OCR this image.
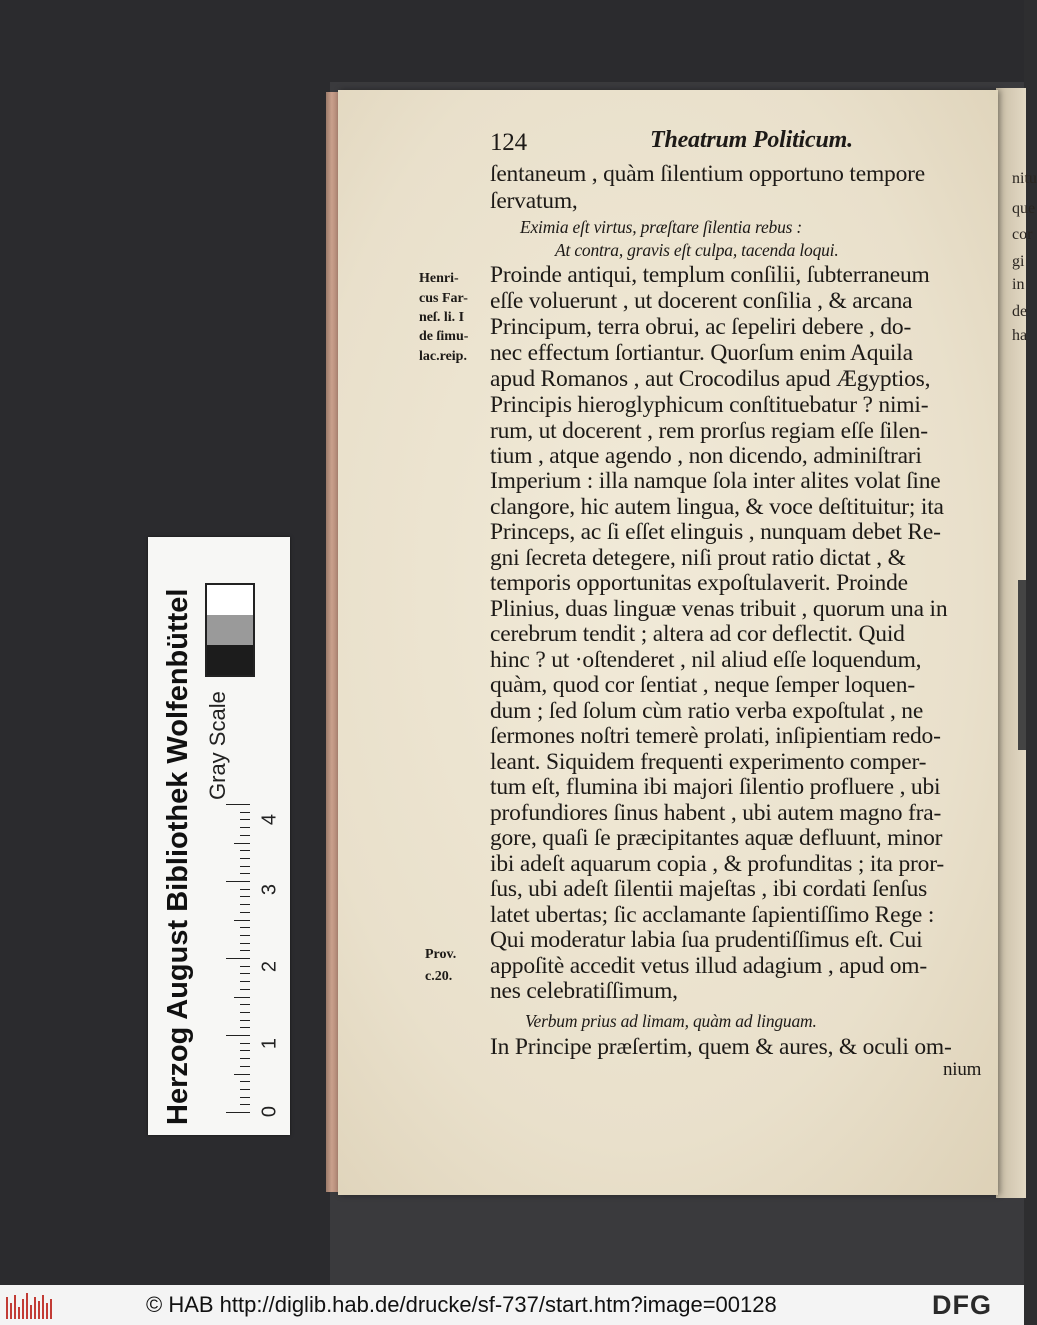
nitu
que
cor
gi
in
de
ha
124	Theatrum Politicum.
ſentaneum , quàm ſilentium opportuno tempore
ſervatum,
Eximia eſt virtus, præſtare ſilentia rebus :
At contra, gravis eſt culpa, tacenda loqui.
Proinde antiqui, templum conſilii, ſubterraneum
eſſe voluerunt , ut docerent conſilia , & arcana
Principum, terra obrui, ac ſepeliri debere , do-
nec effectum ſortiantur. Quorſum enim Aquila
apud Romanos , aut Crocodilus apud Ægyptios,
Principis hieroglyphicum conſtituebatur ? nimi-
rum, ut docerent , rem prorſus regiam eſſe ſilen-
tium , atque agendo , non dicendo, adminiſtrari
Imperium : illa namque ſola inter alites volat ſine
clangore, hic autem lingua, & voce deſtituitur; ita
Princeps, ac ſi eſſet elinguis , nunquam debet Re-
gni ſecreta detegere, niſi prout ratio dictat , &
temporis opportunitas expoſtulaverit. Proinde
Plinius, duas linguæ venas tribuit , quorum una in
cerebrum tendit ; altera ad cor deflectit. Quid
hinc ? ut ·oſtenderet , nil aliud eſſe loquendum,
quàm, quod cor ſentiat , neque ſemper loquen-
dum ; ſed ſolum cùm ratio verba expoſtulat , ne
ſermones noſtri temerè prolati, inſipientiam redo-
leant. Siquidem frequenti experimento comper-
tum eſt, flumina ibi majori ſilentio profluere , ubi
profundiores ſinus habent , ubi autem magno fra-
gore, quaſi ſe præcipitantes aquæ defluunt, minor
ibi adeſt aquarum copia , & profunditas ; ita pror-
ſus, ubi adeſt ſilentii majeſtas , ibi cordati ſenſus
latet ubertas; ſic acclamante ſapientiſſimo Rege :
Qui moderatur labia ſua prudentiſſimus eſt. Cui
appoſitè accedit vetus illud adagium , apud om-
nes celebratiſſimum,
Verbum prius ad limam, quàm ad linguam.
In Principe præſertim, quem & aures, & oculi om-
nium
Henri-
cus Far-
neſ. li. I
de ſimu-
lac.reip.
Prov.
c.20.
Herzog August Bibliothek Wolfenbüttel Gray Scale
0
1
2
3
4
© HAB http://diglib.hab.de/drucke/sf-737/start.htm?image=00128	DFG
